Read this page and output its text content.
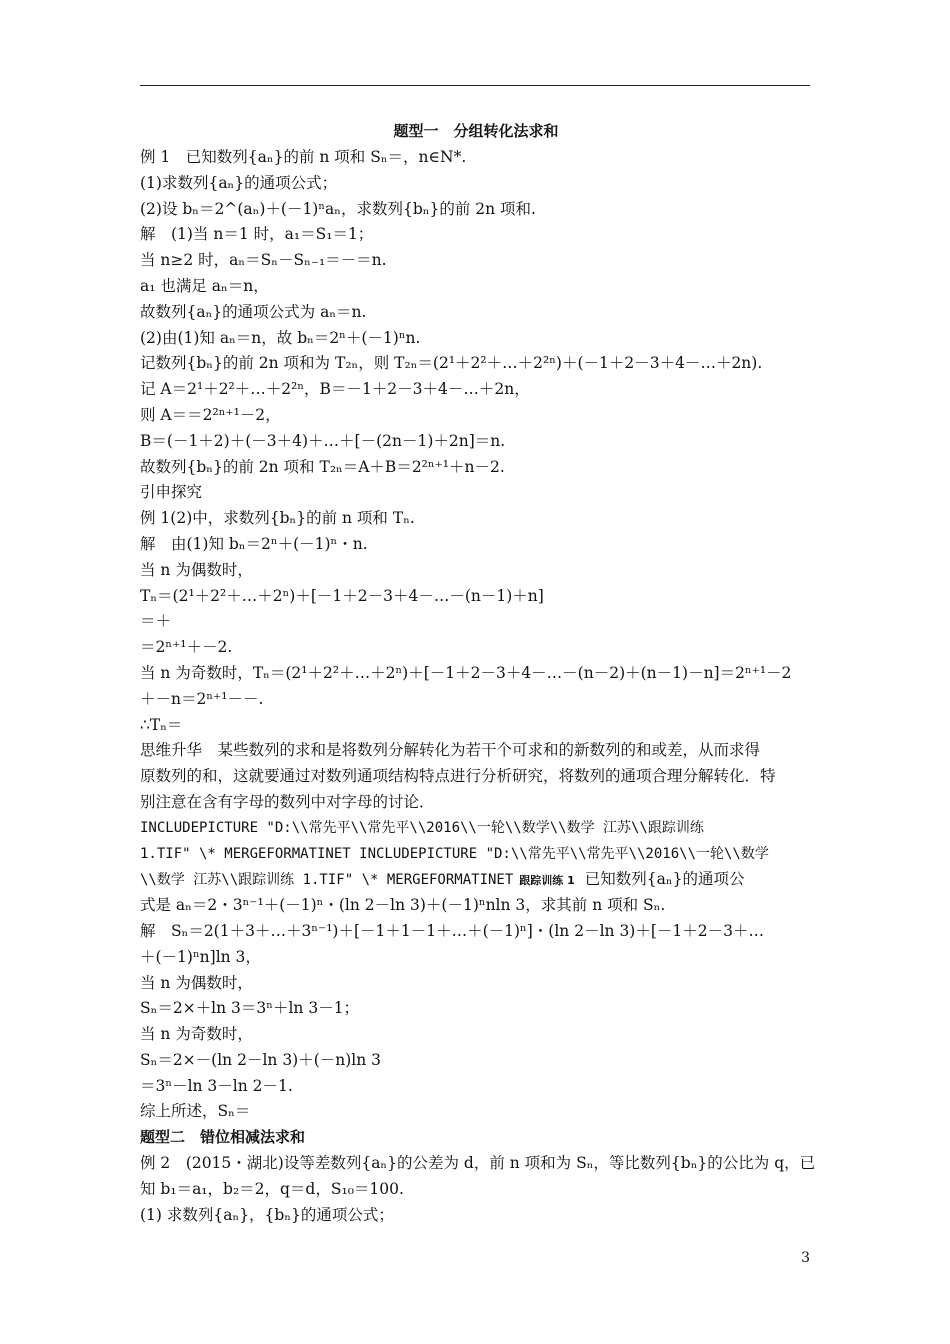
题型一　分组转化法求和
例 1　已知数列{aₙ}的前 n 项和 Sₙ＝，n∈N*.
(1)求数列{aₙ}的通项公式；
(2)设 bₙ＝2^(aₙ)＋(－1)ⁿaₙ，求数列{bₙ}的前 2n 项和.
解　(1)当 n＝1 时，a₁＝S₁＝1；
当 n≥2 时，aₙ＝Sₙ－Sₙ₋₁＝－＝n.
a₁ 也满足 aₙ＝n，
故数列{aₙ}的通项公式为 aₙ＝n.
(2)由(1)知 aₙ＝n，故 bₙ＝2ⁿ＋(－1)ⁿn.
记数列{bₙ}的前 2n 项和为 T₂ₙ，则 T₂ₙ＝(2¹＋2²＋…＋2²ⁿ)＋(－1＋2－3＋4－…＋2n).
记 A＝2¹＋2²＋…＋2²ⁿ，B＝－1＋2－3＋4－…＋2n，
则 A＝＝2²ⁿ⁺¹－2，
B＝(－1＋2)＋(－3＋4)＋…＋[－(2n－1)＋2n]＝n.
故数列{bₙ}的前 2n 项和 T₂ₙ＝A＋B＝2²ⁿ⁺¹＋n－2.
引申探究
例 1(2)中，求数列{bₙ}的前 n 项和 Tₙ.
解　由(1)知 bₙ＝2ⁿ＋(－1)ⁿ・n.
当 n 为偶数时，
Tₙ＝(2¹＋2²＋…＋2ⁿ)＋[－1＋2－3＋4－…－(n－1)＋n]
＝＋
＝2ⁿ⁺¹＋－2.
当 n 为奇数时，Tₙ＝(2¹＋2²＋…＋2ⁿ)＋[－1＋2－3＋4－…－(n－2)＋(n－1)－n]＝2ⁿ⁺¹－2
＋－n＝2ⁿ⁺¹－－.
∴Tₙ＝
思维升华　某些数列的求和是将数列分解转化为若干个可求和的新数列的和或差，从而求得
原数列的和，这就要通过对数列通项结构特点进行分析研究，将数列的通项合理分解转化．特
别注意在含有字母的数列中对字母的讨论．
INCLUDEPICTURE "D:\\常先平\\常先平\\2016\\一轮\\数学\\数学 江苏\\跟踪训练
1.TIF" \* MERGEFORMATINET INCLUDEPICTURE "D:\\常先平\\常先平\\2016\\一轮\\数学
\\数学 江苏\\跟踪训练 1.TIF" \* MERGEFORMATINET 跟踪训练 1 已知数列{aₙ}的通项公
式是 aₙ＝2・3ⁿ⁻¹＋(－1)ⁿ・(ln 2－ln 3)＋(－1)ⁿnln 3，求其前 n 项和 Sₙ.
解　Sₙ＝2(1＋3＋…＋3ⁿ⁻¹)＋[－1＋1－1＋…＋(－1)ⁿ]・(ln 2－ln 3)＋[－1＋2－3＋…
＋(－1)ⁿn]ln 3，
当 n 为偶数时，
Sₙ＝2×＋ln 3＝3ⁿ＋ln 3－1；
当 n 为奇数时，
Sₙ＝2×－(ln 2－ln 3)＋(－n)ln 3
＝3ⁿ－ln 3－ln 2－1.
综上所述，Sₙ＝
题型二　错位相减法求和
例 2　(2015・湖北)设等差数列{aₙ}的公差为 d，前 n 项和为 Sₙ，等比数列{bₙ}的公比为 q，已
知 b₁＝a₁，b₂＝2，q＝d，S₁₀＝100.
(1) 求数列{aₙ}，{bₙ}的通项公式；
3
